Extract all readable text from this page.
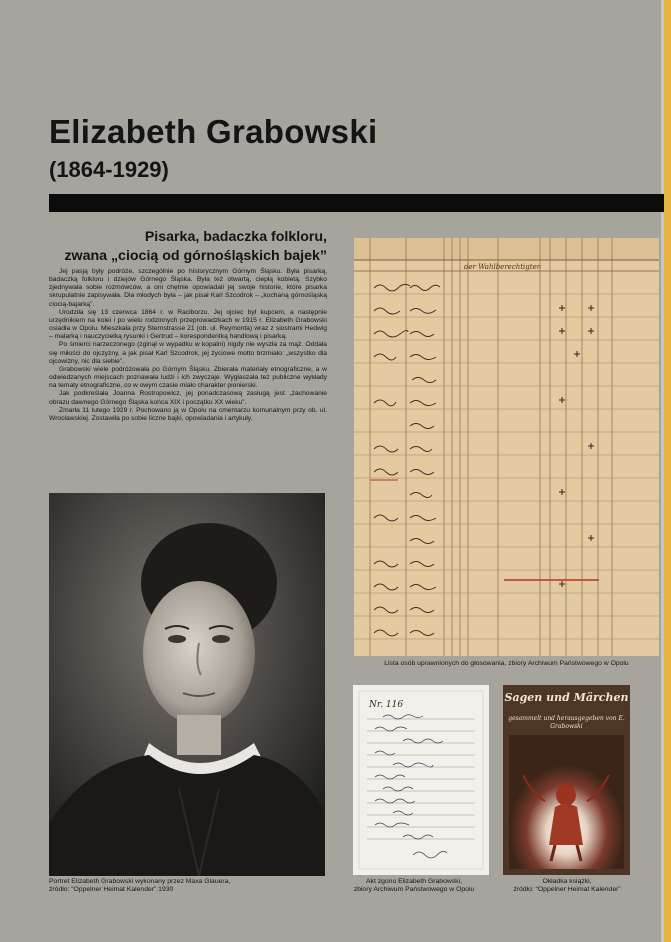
Elizabeth Grabowski
(1864-1929)
Pisarka, badaczka folkloru,
zwana „ciocią od górnośląskich bajek”

Jej pasją były podróże, szczególnie po historycznym Górnym Śląsku. Była pisarką, badaczką folkloru i dziejów Górnego Śląska. Była też otwartą, ciepłą kobietą. Szybko zjednywała sobie rozmówców, a oni chętnie opowiadali jej swoje historie, które pisarka skrupulatnie zapisywała. Dla młodych była – jak pisał Karl Szcodrok – „kochaną górnośląską ciocią-bajarką”.

Urodziła się 13 czerwca 1864 r. w Raciborzu. Jej ojciec był kupcem, a następnie urzędnikiem na kolei i po wielu rodzinnych przeprowadzkach w 1915 r. Elizabeth Grabowski osiadła w Opolu. Mieszkała przy Sternstrasse 21 (ob. ul. Reymonta) wraz z siostrami Hedwig – malarką i nauczycielką rysunki i Gertrud – korespondentką handlową i pisarką.

Po śmierci narzeczonego (zginął w wypadku w kopalni) nigdy nie wyszła za mąż. Oddała się miłości do ojczyzny, a jak pisał Karl Szcodrok, jej życiowe motto brzmiało: „wszystko dla ojcowizny, nic dla siebie”.

Grabowski wiele podróżowała po Górnym Śląsku. Zbierała materiały etnograficzne, a w odwiedzanych miejscach poznawała ludzi i ich zwyczaje. Wygłaszała też publiczne wykłady na tematy etnograficzne, co w owym czasie miało charakter pionierski.

Jak podkreślała Joanna Rostropowicz, jej ponadczasową zasługą jest „zachowanie obrazu dawnego Górnego Śląska końca XIX i początku XX wieku”.

Zmarła 11 lutego 1929 r. Pochowano ją w Opolu na cmentarzu komunalnym przy ob. ul. Wrocławskiej. Zostawiła po sobie liczne bajki, opowiadania i artykuły.

Portret Elizabeth Grabowski wykonany przez Maxa Glauera,
źródło: “Oppelner Heimat Kalender” 1930
der Wahlberechtigten
Lista osób uprawnionych do głosowania, zbiory Archiwum Państwowego w Opolu
Nr. 116
Akt zgonu Elizabeth Grabowski,
zbiory Archiwum Państwowego w Opolu
Sagen und Märchen
gesammelt und herausgegeben von E. Grabowski
Okładka książki,
źródło: “Oppelner Heimat Kalender”
